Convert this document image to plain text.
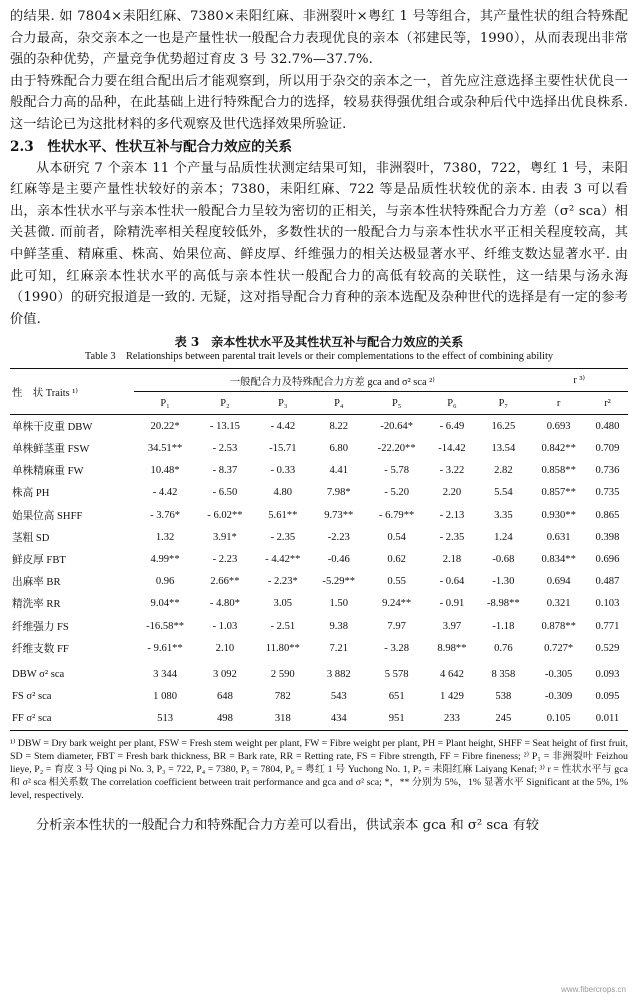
的结果. 如 7804×耒阳红麻、7380×耒阳红麻、非洲裂叶×粤红 1 号等组合，其产量性状的组合特殊配合力最高，杂交亲本之一也是产量性状一般配合力表现优良的亲本（祁建民等，1990），从而表现出非常强的杂种优势，产量竞争优势超过育皮 3 号 32.7%—37.7%.

由于特殊配合力要在组合配出后才能观察到，所以用于杂交的亲本之一，首先应注意选择主要性状优良一般配合力高的品种，在此基础上进行特殊配合力的选择，较易获得强优组合或杂种后代中选择出优良株系. 这一结论已为这批材料的多代观察及世代选择效果所验证.

2.3　性状水平、性状互补与配合力效应的关系

从本研究 7 个亲本 11 个产量与品质性状测定结果可知，非洲裂叶，7380，722，粤红 1 号，耒阳红麻等是主要产量性状较好的亲本；7380，耒阳红麻、722 等是品质性状较优的亲本. 由表 3 可以看出，亲本性状水平与亲本性状一般配合力呈较为密切的正相关，与亲本性状特殊配合力方差（σ² sca）相关甚微. 而前者，除精洗率相关程度较低外，多数性状的一般配合力与亲本性状水平正相关程度较高，其中鲜茎重、精麻重、株高、始果位高、鲜皮厚、纤维强力的相关达极显著水平、纤维支数达显著水平. 由此可知，红麻亲本性状水平的高低与亲本性状一般配合力的高低有较高的关联性，这一结果与汤永海（1990）的研究报道是一致的. 无疑，这对指导配合力育种的亲本选配及杂种世代的选择是有一定的参考价值.

表 3　亲本性状水平及其性状互补与配合力效应的关系
Table 3　Relationships between parental trait levels or their complementations to the effect of combining ability
性　状 Traits ¹⁾	一般配合力及特殊配合力方差 gca and σ² sca ²⁾							r ³⁾	
	P₁	P₂	P₃	P₄	P₅	P₆	P₇	r	r²
单株干皮重 DBW	20.22*	- 13.15	- 4.42	8.22	-20.64*	- 6.49	16.25	0.693	0.480
单株鲜茎重 FSW	34.51**	- 2.53	-15.71	6.80	-22.20**	-14.42	13.54	0.842**	0.709
单株精麻重 FW	10.48*	- 8.37	- 0.33	4.41	- 5.78	- 3.22	2.82	0.858**	0.736
株高 PH	- 4.42	- 6.50	4.80	7.98*	- 5.20	2.20	5.54	0.857**	0.735
始果位高 SHFF	- 3.76*	- 6.02**	5.61**	9.73**	- 6.79**	- 2.13	3.35	0.930**	0.865
茎粗 SD	1.32	3.91*	- 2.35	-2.23	0.54	- 2.35	1.24	0.631	0.398
鲜皮厚 FBT	4.99**	- 2.23	- 4.42**	-0.46	0.62	2.18	-0.68	0.834**	0.696
出麻率 BR	0.96	2.66**	- 2.23*	-5.29**	0.55	- 0.64	-1.30	0.694	0.487
精洗率 RR	9.04**	- 4.80*	3.05	1.50	9.24**	- 0.91	-8.98**	0.321	0.103
纤维强力 FS	-16.58**	- 1.03	- 2.51	9.38	7.97	3.97	-1.18	0.878**	0.771
纤维支数 FF	- 9.61**	2.10	11.80**	7.21	- 3.28	8.98**	0.76	0.727*	0.529
DBW σ² sca	3 344	3 092	2 590	3 882	5 578	4 642	8 358	-0.305	0.093
FS σ² sca	1 080	648	782	543	651	1 429	538	-0.309	0.095
FF σ² sca	513	498	318	434	951	233	245	0.105	0.011
¹⁾ DBW = Dry bark weight per plant, FSW = Fresh stem weight per plant, FW = Fibre weight per plant, PH = Plant height, SHFF = Seat height of first fruit, SD = Stem diameter, FBT = Fresh bark thickness, BR = Bark rate, RR = Retting rate, FS = Fibre strength, FF = Fibre fineness; ²⁾ P₁ = 非洲裂叶 Feizhou lieye, P₂ = 育皮 3 号 Qing pi No. 3, P₃ = 722, P₄ = 7380, P₅ = 7804, P₆ = 粤红 1 号 Yuchong No. 1, P₇ = 耒阳红麻 Laiyang Kenaf; ³⁾ r = 性状水平与 gca 和 σ² sca 相关系数 The correlation coefficient between trait performance and gca and σ² sca; *，** 分别为 5%，1% 显著水平 Significant at the 5%, 1% level, respectively.

分析亲本性状的一般配合力和特殊配合力方差可以看出，供试亲本 gca 和 σ² sca 有较

www.fibercrops.cn
